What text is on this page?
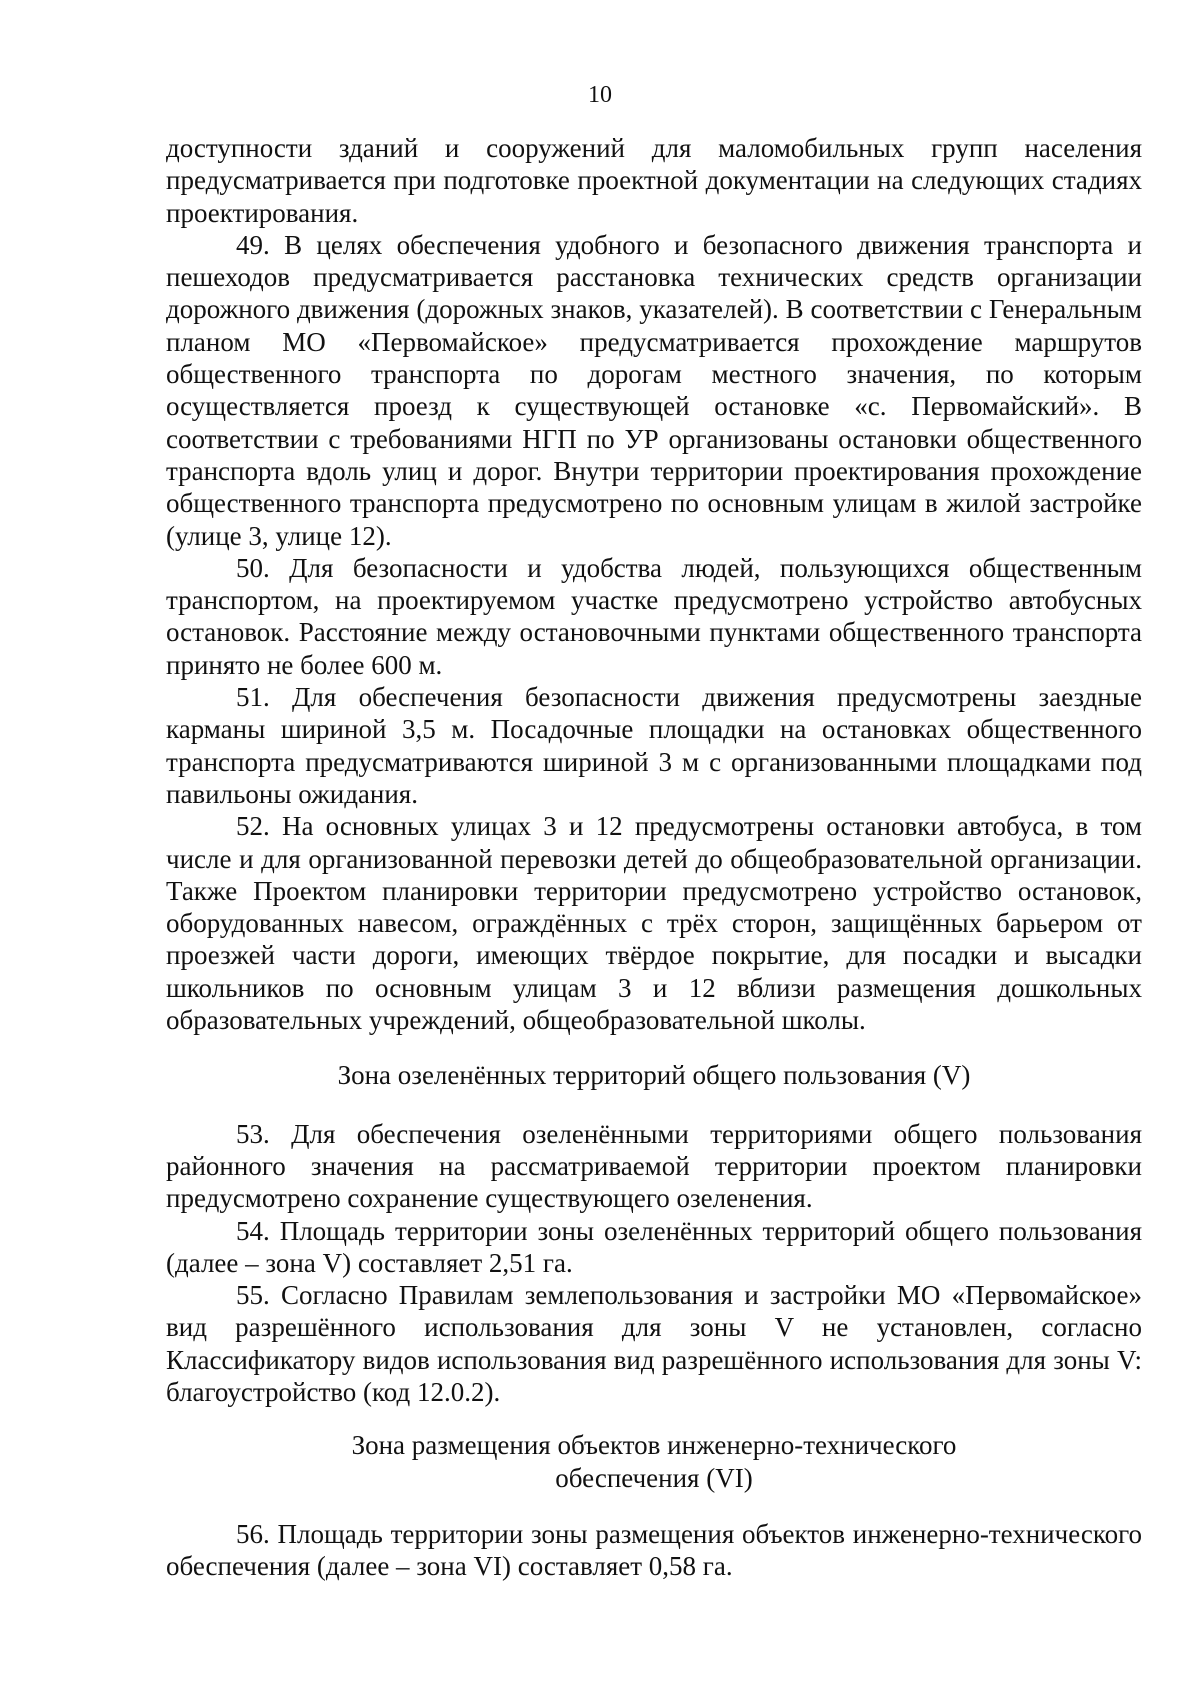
10

доступности зданий и сооружений для маломобильных групп населения предусматривается при подготовке проектной документации на следующих стадиях проектирования.

49. В целях обеспечения удобного и безопасного движения транспорта и пешеходов предусматривается расстановка технических средств организации дорожного движения (дорожных знаков, указателей). В соответствии с Генеральным планом МО «Первомайское» предусматривается прохождение маршрутов общественного транспорта по дорогам местного значения, по которым осуществляется проезд к существующей остановке «с. Первомайский». В соответствии с требованиями НГП по УР организованы остановки общественного транспорта вдоль улиц и дорог. Внутри территории проектирования прохождение общественного транспорта предусмотрено по основным улицам в жилой застройке (улице 3, улице 12).

50. Для безопасности и удобства людей, пользующихся общественным транспортом, на проектируемом участке предусмотрено устройство автобусных остановок. Расстояние между остановочными пунктами общественного транспорта принято не более 600 м.

51. Для обеспечения безопасности движения предусмотрены заездные карманы шириной 3,5 м. Посадочные площадки на остановках общественного транспорта предусматриваются шириной 3 м с организованными площадками под павильоны ожидания.

52. На основных улицах 3 и 12 предусмотрены остановки автобуса, в том числе и для организованной перевозки детей до общеобразовательной организации. Также Проектом планировки территории предусмотрено устройство остановок, оборудованных навесом, ограждённых с трёх сторон, защищённых барьером от проезжей части дороги, имеющих твёрдое покрытие, для посадки и высадки школьников по основным улицам 3 и 12 вблизи размещения дошкольных образовательных учреждений, общеобразовательной школы.

Зона озеленённых территорий общего пользования (V)

53. Для обеспечения озеленёнными территориями общего пользования районного значения на рассматриваемой территории проектом планировки предусмотрено сохранение существующего озеленения.

54. Площадь территории зоны озеленённых территорий общего пользования (далее – зона V) составляет 2,51 га.

55. Согласно Правилам землепользования и застройки МО «Первомайское» вид разрешённого использования для зоны V не установлен, согласно Классификатору видов использования вид разрешённого использования для зоны V: благоустройство (код 12.0.2).

Зона размещения объектов инженерно-технического
обеспечения (VI)

56. Площадь территории зоны размещения объектов инженерно-технического обеспечения (далее – зона VI) составляет 0,58 га.
